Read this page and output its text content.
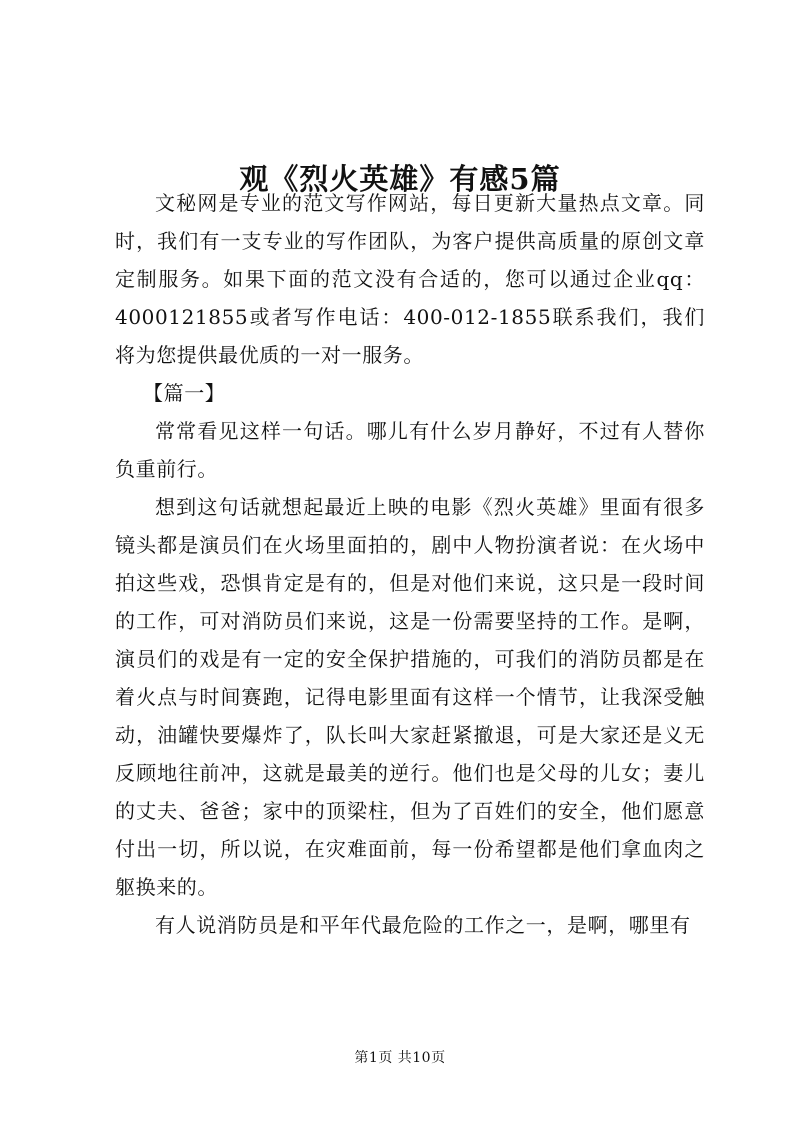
观《烈火英雄》有感5篇

文秘网是专业的范文写作网站，每日更新大量热点文章。同时，我们有一支专业的写作团队，为客户提供高质量的原创文章定制服务。如果下面的范文没有合适的，您可以通过企业qq：4000121855或者写作电话：400-012-1855联系我们，我们将为您提供最优质的一对一服务。

【篇一】

常常看见这样一句话。哪儿有什么岁月静好，不过有人替你负重前行。

想到这句话就想起最近上映的电影《烈火英雄》里面有很多镜头都是演员们在火场里面拍的，剧中人物扮演者说：在火场中拍这些戏，恐惧肯定是有的，但是对他们来说，这只是一段时间的工作，可对消防员们来说，这是一份需要坚持的工作。是啊，演员们的戏是有一定的安全保护措施的，可我们的消防员都是在着火点与时间赛跑，记得电影里面有这样一个情节，让我深受触动，油罐快要爆炸了，队长叫大家赶紧撤退，可是大家还是义无反顾地往前冲，这就是最美的逆行。他们也是父母的儿女；妻儿的丈夫、爸爸；家中的顶梁柱，但为了百姓们的安全，他们愿意付出一切，所以说，在灾难面前，每一份希望都是他们拿血肉之躯换来的。

有人说消防员是和平年代最危险的工作之一，是啊，哪里有

第1页 共10页
